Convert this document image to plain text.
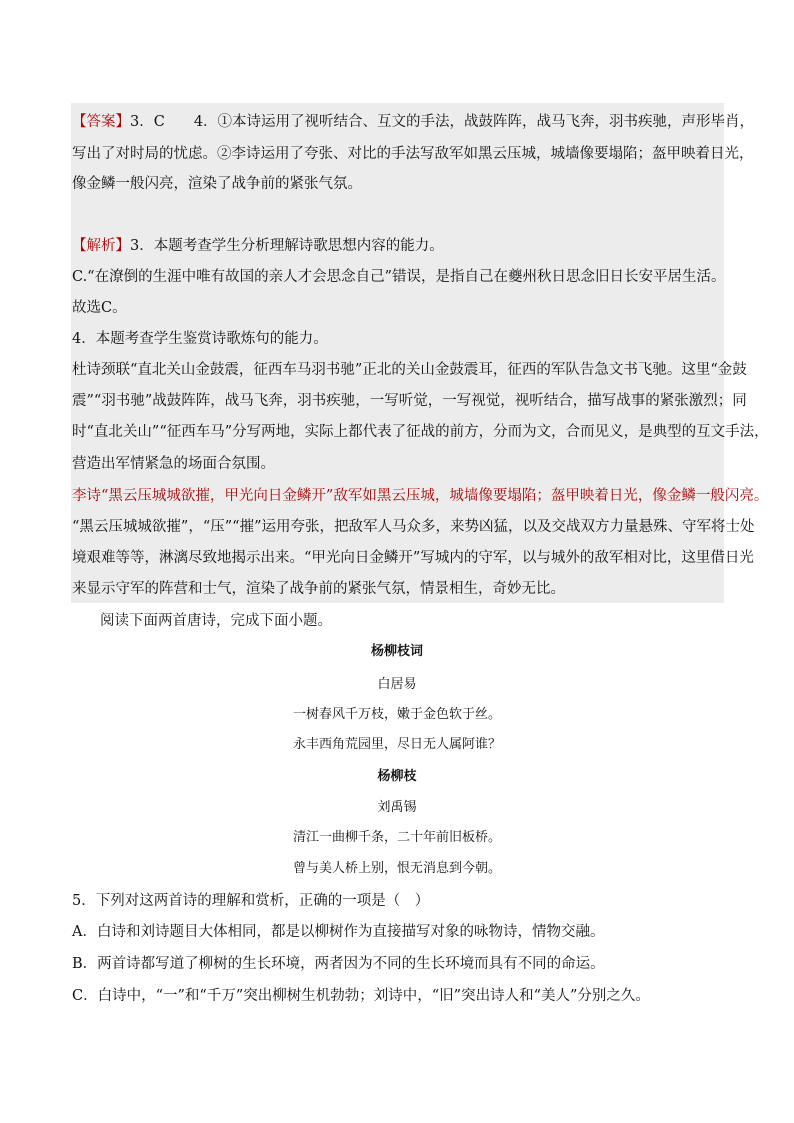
【答案】3．C　　4．①本诗运用了视听结合、互文的手法，战鼓阵阵，战马飞奔，羽书疾驰，声形毕肖，
写出了对时局的忧虑。②李诗运用了夸张、对比的手法写敌军如黑云压城，城墙像要塌陷；盔甲映着日光，
像金鳞一般闪亮，渲染了战争前的紧张气氛。
【解析】3．本题考查学生分析理解诗歌思想内容的能力。
C.“在潦倒的生涯中唯有故国的亲人才会思念自己”错误，是指自己在夔州秋日思念旧日长安平居生活。
故选C。
4．本题考查学生鉴赏诗歌炼句的能力。
杜诗颈联“直北关山金鼓震，征西车马羽书驰”正北的关山金鼓震耳，征西的军队告急文书飞驰。这里“金鼓
震”“羽书驰”战鼓阵阵，战马飞奔，羽书疾驰，一写听觉，一写视觉，视听结合，描写战事的紧张激烈；同
时“直北关山”“征西车马”分写两地，实际上都代表了征战的前方，分而为文，合而见义，是典型的互文手法，
营造出军情紧急的场面合氛围。
李诗“黑云压城城欲摧，甲光向日金鳞开”敌军如黑云压城，城墙像要塌陷；盔甲映着日光，像金鳞一般闪亮。
“黑云压城城欲摧”，“压”“摧”运用夸张，把敌军人马众多，来势凶猛，以及交战双方力量悬殊、守军将士处
境艰难等等，淋漓尽致地揭示出来。“甲光向日金鳞开”写城内的守军，以与城外的敌军相对比，这里借日光
来显示守军的阵营和士气，渲染了战争前的紧张气氛，情景相生，奇妙无比。
阅读下面两首唐诗，完成下面小题。
杨柳枝词
白居易
一树春风千万枝，嫩于金色软于丝。
永丰西角荒园里，尽日无人属阿谁？
杨柳枝
刘禹锡
清江一曲柳千条，二十年前旧板桥。
曾与美人桥上别，恨无消息到今朝。
5．下列对这两首诗的理解和赏析，正确的一项是（　）
A．白诗和刘诗题目大体相同，都是以柳树作为直接描写对象的咏物诗，情物交融。
B．两首诗都写道了柳树的生长环境，两者因为不同的生长环境而具有不同的命运。
C．白诗中，“一”和“千万”突出柳树生机勃勃；刘诗中，“旧”突出诗人和“美人”分别之久。
